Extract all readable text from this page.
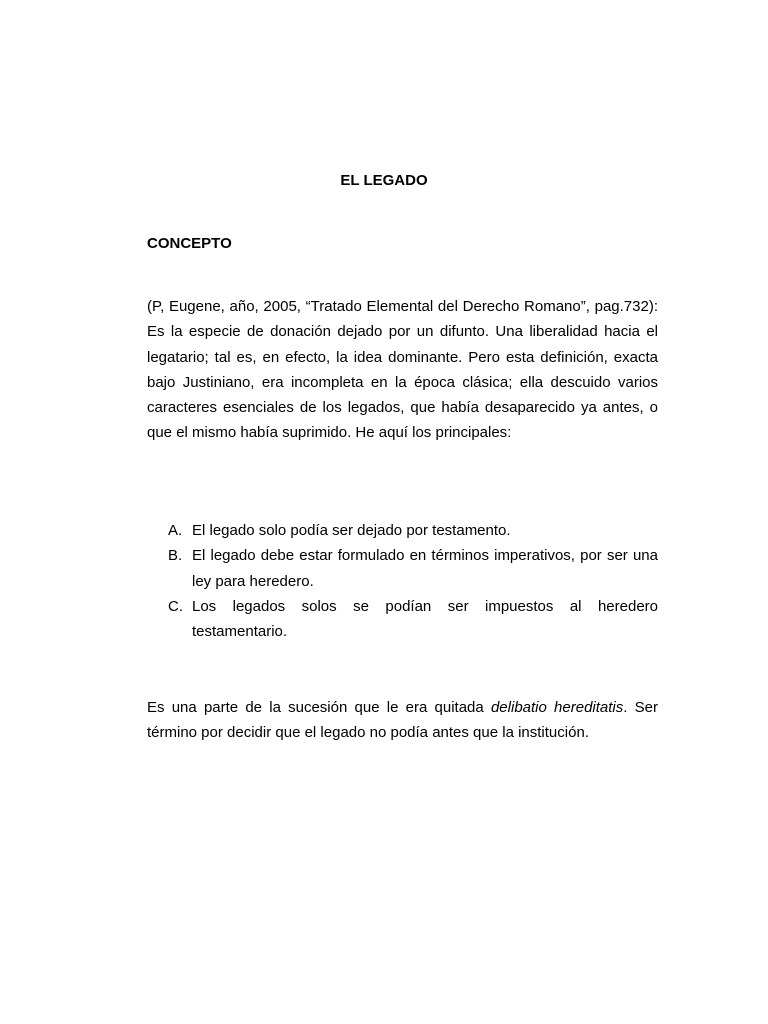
EL LEGADO
CONCEPTO

(P, Eugene, año, 2005, “Tratado Elemental del Derecho Romano”, pag.732): Es la especie de donación dejado por un difunto. Una liberalidad hacia el legatario; tal es, en efecto, la idea dominante. Pero esta definición, exacta bajo Justiniano, era incompleta en la época clásica; ella descuido varios caracteres esenciales de los legados, que había desaparecido ya antes, o que el mismo había suprimido. He aquí los principales:

A. El legado solo podía ser dejado por testamento.
B. El legado debe estar formulado en términos imperativos, por ser una ley para heredero.
C. Los legados solos se podían ser impuestos al heredero testamentario.

Es una parte de la sucesión que le era quitada delibatio hereditatis. Ser término por decidir que el legado no podía antes que la institución.
